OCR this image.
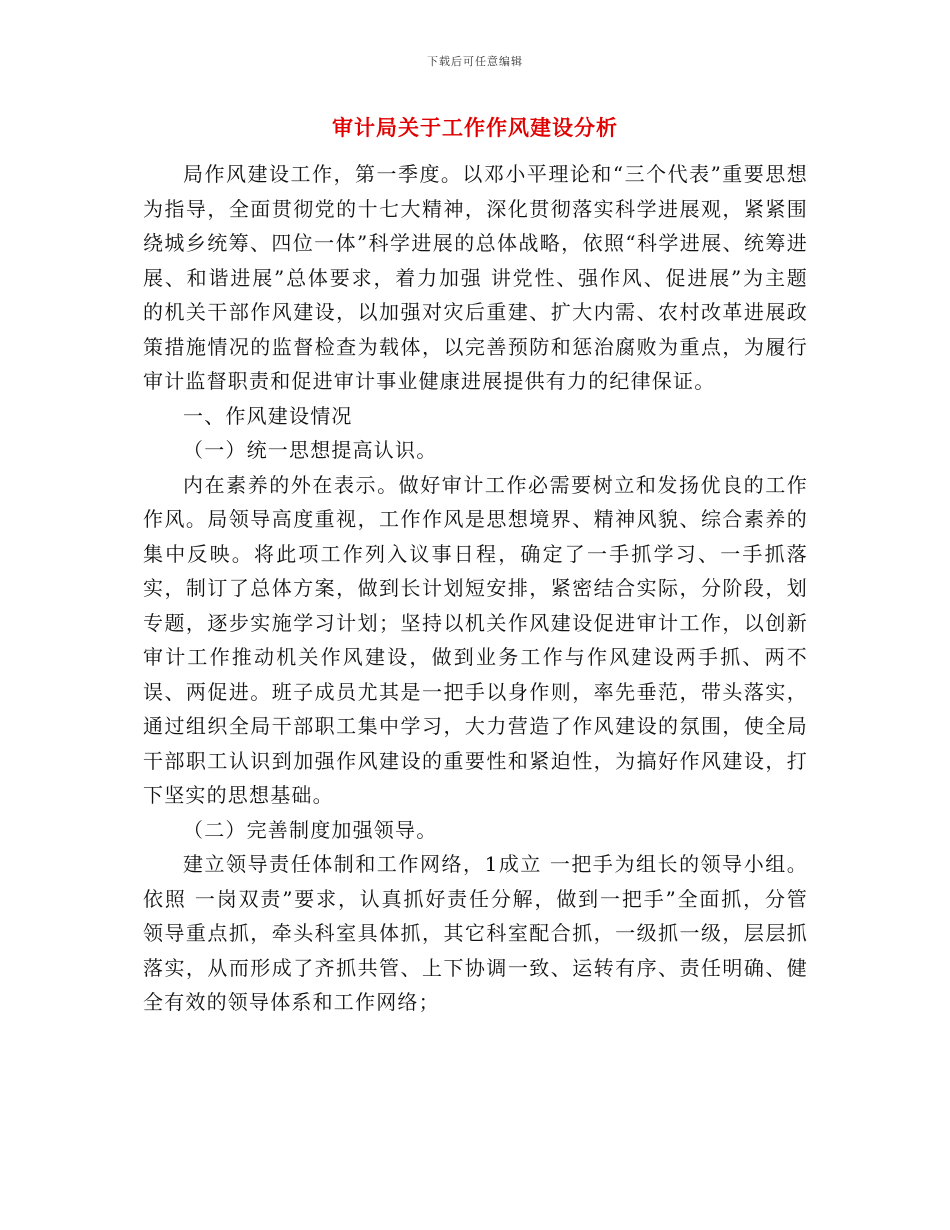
下载后可任意编辑
审计局关于工作作风建设分析

局作风建设工作，第一季度。以邓小平理论和“三个代表”重要思想为指导，全面贯彻党的十七大精神，深化贯彻落实科学进展观，紧紧围绕城乡统筹、四位一体”科学进展的总体战略，依照“科学进展、统筹进展、和谐进展”总体要求，着力加强 讲党性、强作风、促进展”为主题的机关干部作风建设，以加强对灾后重建、扩大内需、农村改革进展政策措施情况的监督检查为载体，以完善预防和惩治腐败为重点，为履行审计监督职责和促进审计事业健康进展提供有力的纪律保证。

一、作风建设情况

（一）统一思想提高认识。

内在素养的外在表示。做好审计工作必需要树立和发扬优良的工作作风。局领导高度重视，工作作风是思想境界、精神风貌、综合素养的集中反映。将此项工作列入议事日程，确定了一手抓学习、一手抓落实，制订了总体方案，做到长计划短安排，紧密结合实际，分阶段，划专题，逐步实施学习计划；坚持以机关作风建设促进审计工作，以创新审计工作推动机关作风建设，做到业务工作与作风建设两手抓、两不误、两促进。班子成员尤其是一把手以身作则，率先垂范，带头落实，通过组织全局干部职工集中学习，大力营造了作风建设的氛围，使全局干部职工认识到加强作风建设的重要性和紧迫性，为搞好作风建设，打下坚实的思想基础。

（二）完善制度加强领导。

建立领导责任体制和工作网络，1成立 一把手为组长的领导小组。依照 一岗双责”要求，认真抓好责任分解，做到一把手”全面抓，分管领导重点抓，牵头科室具体抓，其它科室配合抓，一级抓一级，层层抓落实，从而形成了齐抓共管、上下协调一致、运转有序、责任明确、健全有效的领导体系和工作网络；
